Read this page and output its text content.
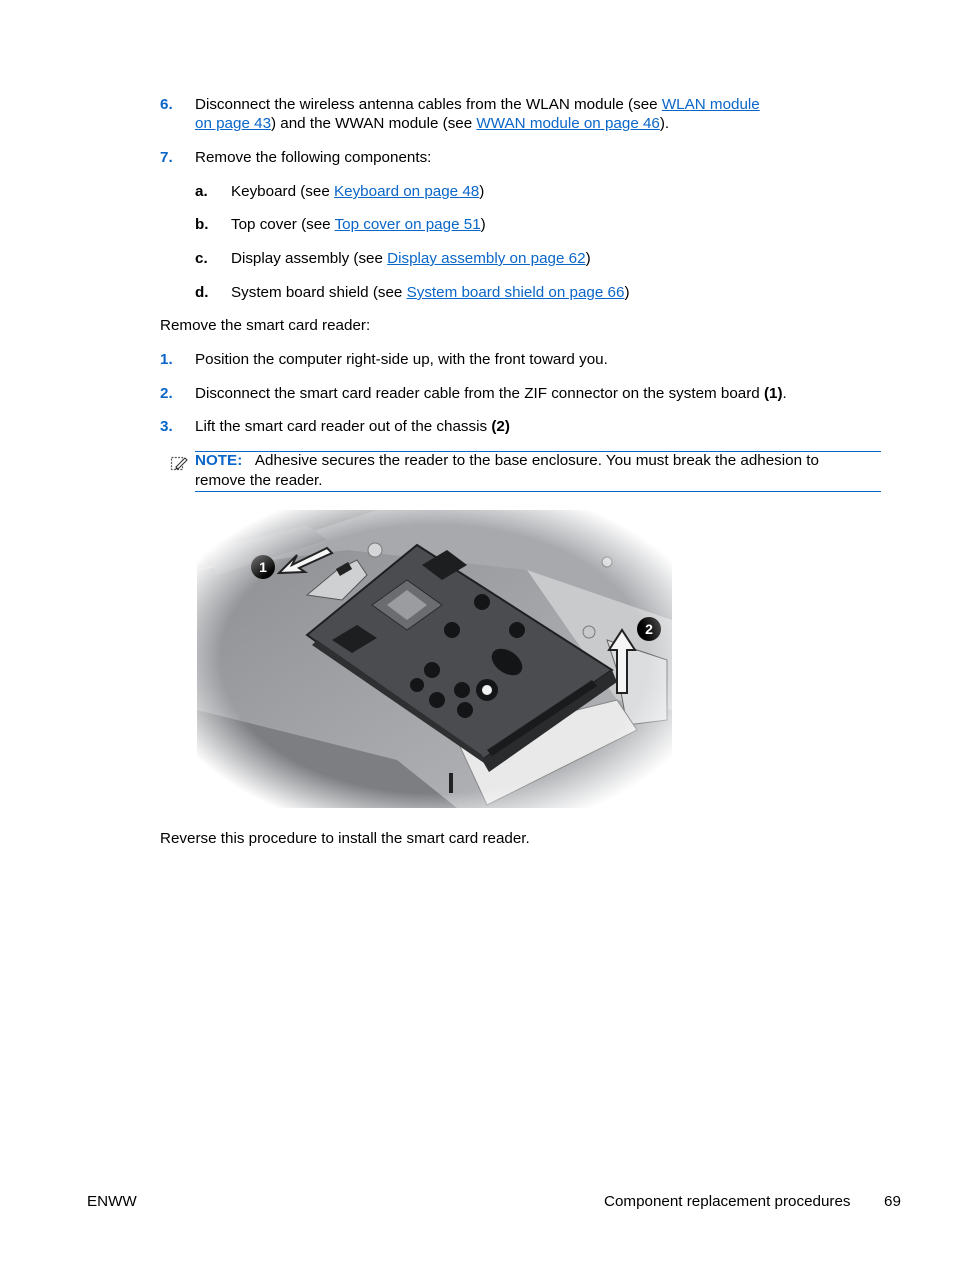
6. Disconnect the wireless antenna cables from the WLAN module (see WLAN module
on page 43) and the WWAN module (see WWAN module on page 46).
7. Remove the following components:
a. Keyboard (see Keyboard on page 48)
b. Top cover (see Top cover on page 51)
c. Display assembly (see Display assembly on page 62)
d. System board shield (see System board shield on page 66)
Remove the smart card reader:
1. Position the computer right-side up, with the front toward you.
2. Disconnect the smart card reader cable from the ZIF connector on the system board (1).
3. Lift the smart card reader out of the chassis (2)
NOTE: Adhesive secures the reader to the base enclosure. You must break the adhesion to
remove the reader.
Reverse this procedure to install the smart card reader.
ENWW	Component replacement procedures 69
